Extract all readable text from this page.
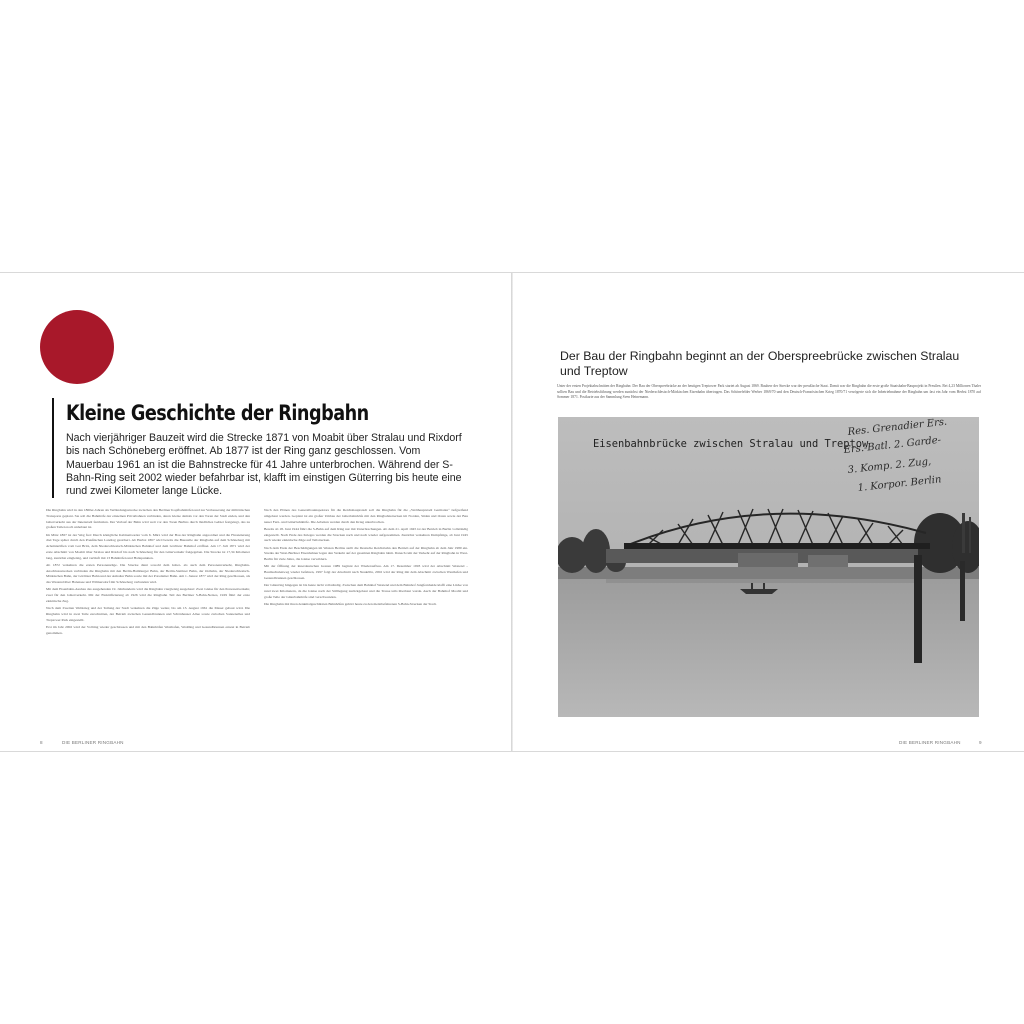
Kleine Geschichte der Ringbahn

Nach vierjähriger Bauzeit wird die Strecke 1871 von Moabit über Stralau und Rixdorf bis nach Schöneberg eröffnet. Ab 1877 ist der Ring ganz geschlossen. Vom Mauerbau 1961 an ist die Bahnstrecke für 41 Jahre unterbrochen. Während der S-Bahn-Ring seit 2002 wieder befahrbar ist, klafft im einstigen Güterring bis heute eine rund zwei Kilometer lange Lücke.

Die Ringbahn wird in den 1860er-Jahren als Verbindungsstrecke zwischen den Berliner Kopfbahnhöfen und zur Verbesserung der militärischen Transporte geplant. Sie soll die Bahnhöfe der einzelnen Privatbahnen verbinden, deren Gleise damals vor den Toren der Stadt enden, und den Güterverkehr aus der Innenstadt fernhalten. Der Verlauf der Bahn wird weit vor den Toren Berlins durch ländliches Gebiet festgelegt, das zu großen Teilen noch unbebaut ist.

Im März 1867 ist der Weg frei: Durch königliche Kabinettsorder vom 6. März wird der Bau der Ringbahn angeordnet und die Finanzierung drei Tage später durch den Preußischen Landtag gesichert. Ab Herbst 1867 wird bereits die Baustelle der Ringbahn auf dem Schöneberg mit Arbeitskräften vom Gut Britz, dem Niederschlesisch-Märkischen Bahnhof und dem Görlitzer Bahnhof eröffnet. Am 17. Juli 1871 wird der erste Abschnitt von Moabit über Stralau und Rixdorf bis nach Schöneberg für den Güterverkehr freigegeben. Die Strecke ist 17,34 Kilometer lang, zunächst eingleisig, und verläuft mit 13 Bahnhöfen und Haltepunkten.

Ab 1872 verkehren die ersten Personenzüge. Die Strecke dient sowohl dem Güter- als auch dem Personenverkehr, Ringbahn-Anschlussstrecken verbinden die Ringbahn mit den Berlin-Hamburger Bahn, der Berlin-Stettiner Bahn, der Ostbahn, der Niederschlesisch-Märkischen Bahn, der Görlitzer Bahn und der Anhalter Bahn sowie mit der Potsdamer Bahn. Am 1. Januar 1877 wird der Ring geschlossen, als das Westend über Halensee und Wilmersdorf mit Schöneberg verbunden wird.

Mit dem Eisenbahn-Ausbau des ausgehenden 19. Jahrhunderts wird die Ringbahn viergleisig ausgebaut: Zwei Gleise für den Personenverkehr, zwei für den Güterverkehr. Mit der Elektrifizierung ab 1926 wird die Ringbahn Teil des Berliner S-Bahn-Netzes, 1929 fährt der erste elektrische Zug.

Nach dem Zweiten Weltkrieg und der Teilung der Stadt verkehren die Züge weiter, bis am 13. August 1961 die Mauer gebaut wird. Die Ringbahn wird in zwei Teile zerschnitten, der Betrieb zwischen Gesundbrunnen und Schönhauser Allee sowie zwischen Sonnenallee und Treptower Park eingestellt.

Erst im Jahr 2002 wird der Vollring wieder geschlossen und mit den Bahnhöfen Westhafen, Wedding und Gesundbrunnen erneut in Betrieb genommen.

Nach den Plänen des Generalbauinspektors für die Reichshauptstadt soll die Ringbahn für die „Welthauptstadt Germania“ tiefgreifend umgebaut werden. Geplant ist ein großer Umbau der Güterbahnhöfe mit den Ringbahnstrecken im Norden, Süden und Osten sowie der Bau neuer Fern- und Güterbahnhöfe. Die Arbeiten werden durch den Krieg unterbrochen.

Bereits ab 18. Juni 1944 fährt die S-Bahn auf dem Ring nur mit Unterbrechungen. Ab dem 21. April 1945 ist der Betrieb in Berlin vollständig eingestellt. Nach Ende des Krieges werden die Strecken nach und nach wieder aufgenommen. Zunächst verkehren Dampfzüge, ab Juni 1945 auch wieder elektrische Züge auf Teilstrecken.

Nach dem Ende der Beschädigungen im Westen Berlins stellt die Deutsche Reichsbahn den Betrieb auf der Ringbahn ab dem Jahr 1980 ein. Streiks der West-Berliner Eisenbahner legen den Verkehr auf der gesamten Ringbahn lahm. Danach ruht der Verkehr auf der Ringbahn in West-Berlin für viele Jahre, die Gleise verwildern.

Mit der Öffnung der innerdeutschen Grenze 1989 beginnt der Wiederaufbau. Am 17. Dezember 1993 wird der Abschnitt Westend – Baumschulenweg wieder befahren, 1997 folgt der Abschnitt nach Neukölln, 2002 wird der Ring mit dem Abschnitt zwischen Westhafen und Gesundbrunnen geschlossen.

Der Güterring hingegen ist bis heute nicht vollständig. Zwischen dem Bahnhof Westend und dem Bahnhof Jungfernheide klafft eine Lücke von rund zwei Kilometern, da die Gleise nach der Stilllegung zurückgebaut und die Trasse teils überbaut wurde. Auch der Bahnhof Moabit und große Teile der Güterbahnhöfe sind verschwunden.

Die Ringbahn mit ihren denkmalgeschützten Bahnhöfen gehört heute zu den meistbefahrenen S-Bahn-Strecken der Stadt.

8	DIE BERLINER RINGBAHN
Der Bau der Ringbahn beginnt an der Oberspreebrücke zwischen Stralau und Treptow

Unter der ersten Projektabschnitten der Ringbahn: Der Bau der Oberspreebrücke an der heutigen Treptower Park startet ab August 1869. Bauherr der Strecke war der preußische Staat. Damit war die Ringbahn die erste große Staatsbahn-Bauprojekt in Preußen. Bei 4,23 Millionen Thaler sollten Bau und die Betriebsführung werden zunächst der Niederschlesisch-Märkischen Eisenbahn übertragen. Das Schönefelder Werber 1869/70 und den Deutsch-Französischen Krieg 1870/71 verzögerte sich die Inbetriebnahme der Ringbahn um fast ein Jahr vom Herbst 1870 auf Sommer 1871. Postkarte aus der Sammlung Sven Heinemann.

Eisenbahnbrücke zwischen Stralau und Treptow
Res. Grenadier Ers.
Ers.-Batl. 2. Garde-
3. Komp. 2. Zug,
1. Korpor. Berlin
DIE BERLINER RINGBAHN	9
